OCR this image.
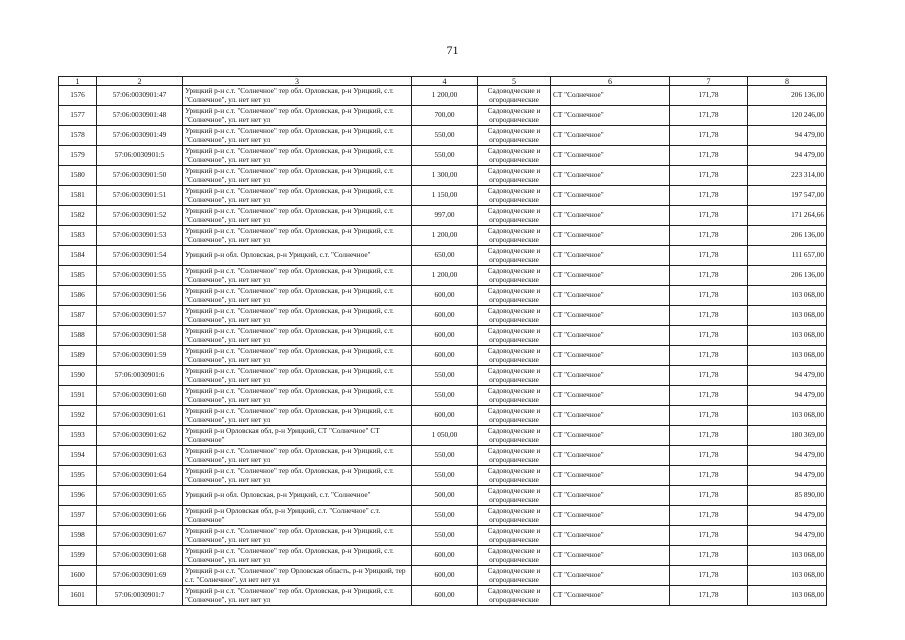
71
1	2	3	4	5	6	7	8
1576	57:06:0030901:47	Урицкий р-н с.т. "Солнечное" тер обл. Орловская, р-н Урицкий, с.т. "Солнечное", ул. нет нет ул	1 200,00	Садоводческие и огороднические	СТ "Солнечное"	171,78	206 136,00
1577	57:06:0030901:48	Урицкий р-н с.т. "Солнечное" тер обл. Орловская, р-н Урицкий, с.т. "Солнечное", ул. нет нет ул	700,00	Садоводческие и огороднические	СТ "Солнечное"	171,78	120 246,00
1578	57:06:0030901:49	Урицкий р-н с.т. "Солнечное" тер обл. Орловская, р-н Урицкий, с.т. "Солнечное", ул. нет нет ул	550,00	Садоводческие и огороднические	СТ "Солнечное"	171,78	94 479,00
1579	57:06:0030901:5	Урицкий р-н с.т. "Солнечное" тер обл. Орловская, р-н Урицкий, с.т. "Солнечное", ул. нет нет ул	550,00	Садоводческие и огороднические	СТ "Солнечное"	171,78	94 479,00
1580	57:06:0030901:50	Урицкий р-н с.т. "Солнечное" тер обл. Орловская, р-н Урицкий, с.т. "Солнечное", ул. нет нет ул	1 300,00	Садоводческие и огороднические	СТ "Солнечное"	171,78	223 314,00
1581	57:06:0030901:51	Урицкий р-н с.т. "Солнечное" тер обл. Орловская, р-н Урицкий, с.т. "Солнечное", ул. нет нет ул	1 150,00	Садоводческие и огороднические	СТ "Солнечное"	171,78	197 547,00
1582	57:06:0030901:52	Урицкий р-н с.т. "Солнечное" тер обл. Орловская, р-н Урицкий, с.т. "Солнечное", ул. нет нет ул	997,00	Садоводческие и огороднические	СТ "Солнечное"	171,78	171 264,66
1583	57:06:0030901:53	Урицкий р-н с.т. "Солнечное" тер обл. Орловская, р-н Урицкий, с.т. "Солнечное", ул. нет нет ул	1 200,00	Садоводческие и огороднические	СТ "Солнечное"	171,78	206 136,00
1584	57:06:0030901:54	Урицкий р-н обл. Орловская, р-н Урицкий, с.т. "Солнечное"	650,00	Садоводческие и огороднические	СТ "Солнечное"	171,78	111 657,00
1585	57:06:0030901:55	Урицкий р-н с.т. "Солнечное" тер обл. Орловская, р-н Урицкий, с.т. "Солнечное", ул. нет нет ул	1 200,00	Садоводческие и огороднические	СТ "Солнечное"	171,78	206 136,00
1586	57:06:0030901:56	Урицкий р-н с.т. "Солнечное" тер обл. Орловская, р-н Урицкий, с.т. "Солнечное", ул. нет нет ул	600,00	Садоводческие и огороднические	СТ "Солнечное"	171,78	103 068,00
1587	57:06:0030901:57	Урицкий р-н с.т. "Солнечное" тер обл. Орловская, р-н Урицкий, с.т. "Солнечное", ул. нет нет ул	600,00	Садоводческие и огороднические	СТ "Солнечное"	171,78	103 068,00
1588	57:06:0030901:58	Урицкий р-н с.т. "Солнечное" тер обл. Орловская, р-н Урицкий, с.т. "Солнечное", ул. нет нет ул	600,00	Садоводческие и огороднические	СТ "Солнечное"	171,78	103 068,00
1589	57:06:0030901:59	Урицкий р-н с.т. "Солнечное" тер обл. Орловская, р-н Урицкий, с.т. "Солнечное", ул. нет нет ул	600,00	Садоводческие и огороднические	СТ "Солнечное"	171,78	103 068,00
1590	57:06:0030901:6	Урицкий р-н с.т. "Солнечное" тер обл. Орловская, р-н Урицкий, с.т. "Солнечное", ул. нет нет ул	550,00	Садоводческие и огороднические	СТ "Солнечное"	171,78	94 479,00
1591	57:06:0030901:60	Урицкий р-н с.т. "Солнечное" тер обл. Орловская, р-н Урицкий, с.т. "Солнечное", ул. нет нет ул	550,00	Садоводческие и огороднические	СТ "Солнечное"	171,78	94 479,00
1592	57:06:0030901:61	Урицкий р-н с.т. "Солнечное" тер обл. Орловская, р-н Урицкий, с.т. "Солнечное", ул. нет нет ул	600,00	Садоводческие и огороднические	СТ "Солнечное"	171,78	103 068,00
1593	57:06:0030901:62	Урицкий р-н Орловская обл, р-н Урицкий, СТ "Солнечное" СТ "Солнечное"	1 050,00	Садоводческие и огороднические	СТ "Солнечное"	171,78	180 369,00
1594	57:06:0030901:63	Урицкий р-н с.т. "Солнечное" тер обл. Орловская, р-н Урицкий, с.т. "Солнечное", ул. нет нет ул	550,00	Садоводческие и огороднические	СТ "Солнечное"	171,78	94 479,00
1595	57:06:0030901:64	Урицкий р-н с.т. "Солнечное" тер обл. Орловская, р-н Урицкий, с.т. "Солнечное", ул. нет нет ул	550,00	Садоводческие и огороднические	СТ "Солнечное"	171,78	94 479,00
1596	57:06:0030901:65	Урицкий р-н обл. Орловская, р-н Урицкий, с.т. "Солнечное"	500,00	Садоводческие и огороднические	СТ "Солнечное"	171,78	85 890,00
1597	57:06:0030901:66	Урицкий р-н Орловская обл, р-н Урицкий, с.т. "Солнечное" с.т. "Солнечное"	550,00	Садоводческие и огороднические	СТ "Солнечное"	171,78	94 479,00
1598	57:06:0030901:67	Урицкий р-н с.т. "Солнечное" тер обл. Орловская, р-н Урицкий, с.т. "Солнечное", ул. нет нет ул	550,00	Садоводческие и огороднические	СТ "Солнечное"	171,78	94 479,00
1599	57:06:0030901:68	Урицкий р-н с.т. "Солнечное" тер обл. Орловская, р-н Урицкий, с.т. "Солнечное", ул. нет нет ул	600,00	Садоводческие и огороднические	СТ "Солнечное"	171,78	103 068,00
1600	57:06:0030901:69	Урицкий р-н с.т. "Солнечное" тер Орловская область, р-н Урицкий, тер с.т. "Солнечное", ул нет нет ул	600,00	Садоводческие и огороднические	СТ "Солнечное"	171,78	103 068,00
1601	57:06:0030901:7	Урицкий р-н с.т. "Солнечное" тер обл. Орловская, р-н Урицкий, с.т. "Солнечное", ул. нет нет ул	600,00	Садоводческие и огороднические	СТ "Солнечное"	171,78	103 068,00
